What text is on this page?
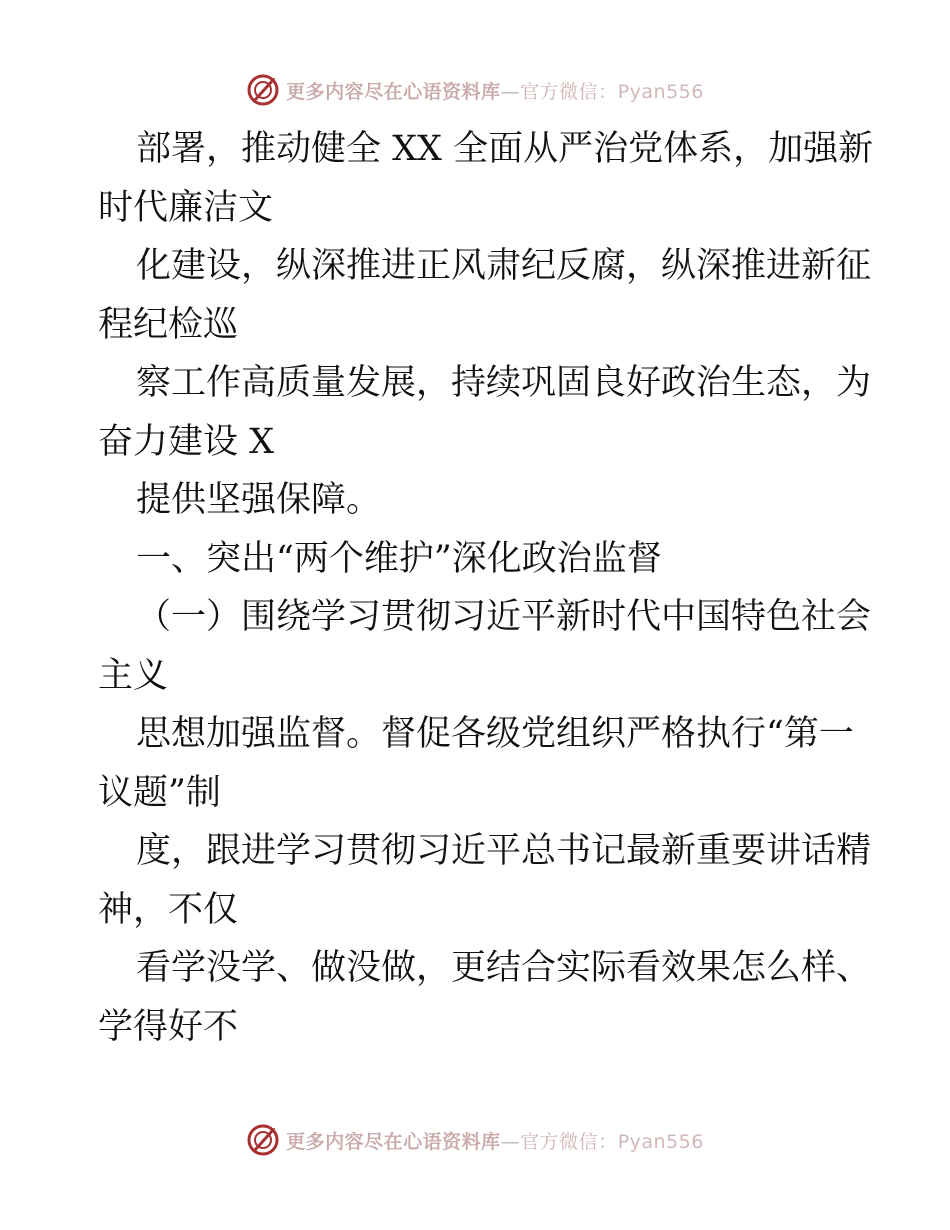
更多内容尽在心语资料库—官方微信：Pyan556
部署，推动健全 XX 全面从严治党体系，加强新
时代廉洁文
化建设，纵深推进正风肃纪反腐，纵深推进新征
程纪检巡
察工作高质量发展，持续巩固良好政治生态，为
奋力建设 X
提供坚强保障。
一、突出“两个维护”深化政治监督
（一）围绕学习贯彻习近平新时代中国特色社会
主义
思想加强监督。督促各级党组织严格执行“第一
议题”制
度，跟进学习贯彻习近平总书记最新重要讲话精
神，不仅
看学没学、做没做，更结合实际看效果怎么样、
学得好不
更多内容尽在心语资料库—官方微信：Pyan556
